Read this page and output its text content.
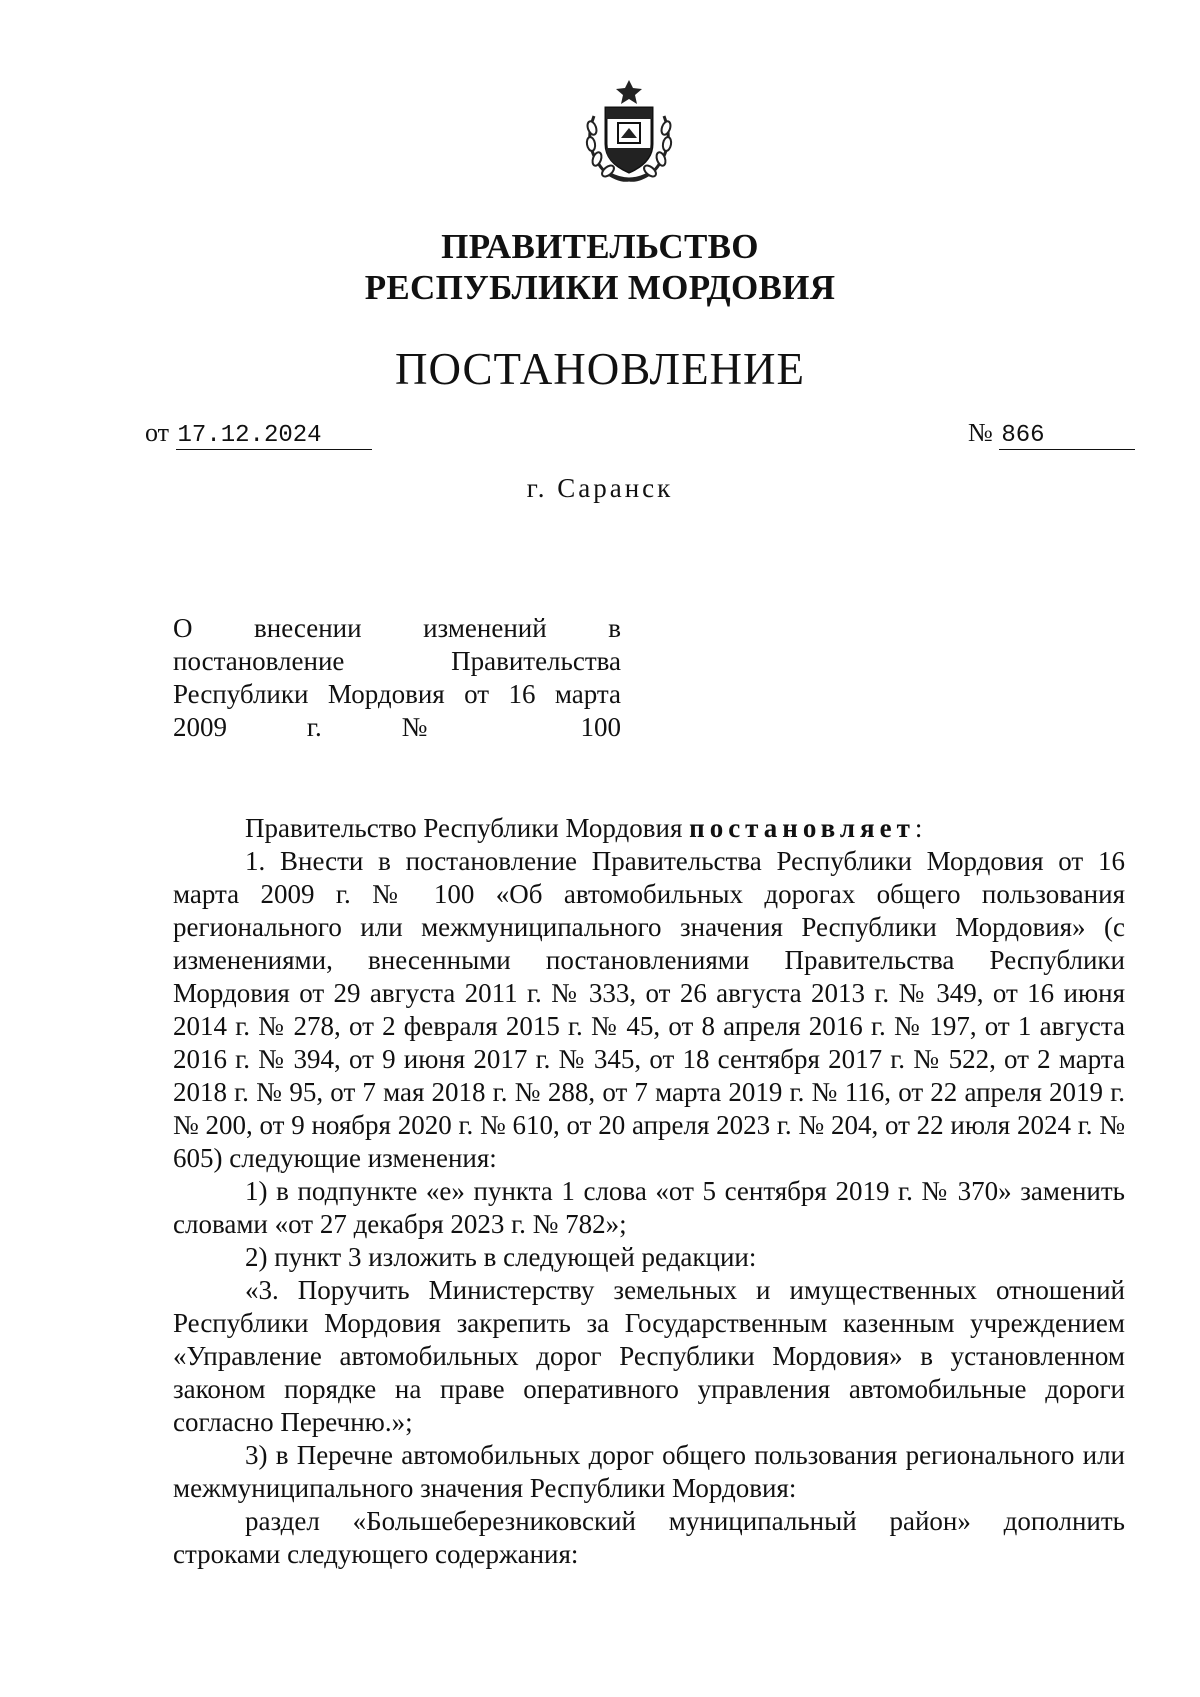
ПРАВИТЕЛЬСТВО
РЕСПУБЛИКИ МОРДОВИЯ
ПОСТАНОВЛЕНИЕ
от 17.12.2024	№ 866
г. Саранск
О внесении изменений в постановление Правительства Республики Мордовия от 16 марта 2009 г. № 100

Правительство Республики Мордовия постановляет:

1. Внести в постановление Правительства Республики Мордовия от 16 марта 2009 г. № 100 «Об автомобильных дорогах общего пользования регионального или межмуниципального значения Республики Мордовия» (с изменениями, внесенными постановлениями Правительства Республики Мордовия от 29 августа 2011 г. № 333, от 26 августа 2013 г. № 349, от 16 июня 2014 г. № 278, от 2 февраля 2015 г. № 45, от 8 апреля 2016 г. № 197, от 1 августа 2016 г. № 394, от 9 июня 2017 г. № 345, от 18 сентября 2017 г. № 522, от 2 марта 2018 г. № 95, от 7 мая 2018 г. № 288, от 7 марта 2019 г. № 116, от 22 апреля 2019 г. № 200, от 9 ноября 2020 г. № 610, от 20 апреля 2023 г. № 204, от 22 июля 2024 г. № 605) следующие изменения:

1) в подпункте «е» пункта 1 слова «от 5 сентября 2019 г. № 370» заменить словами «от 27 декабря 2023 г. № 782»;

2) пункт 3 изложить в следующей редакции:

«3. Поручить Министерству земельных и имущественных отношений Республики Мордовия закрепить за Государственным казенным учреждением «Управление автомобильных дорог Республики Мордовия» в установленном законом порядке на праве оперативного управления автомобильные дороги согласно Перечню.»;

3) в Перечне автомобильных дорог общего пользования регионального или межмуниципального значения Республики Мордовия:

раздел «Большеберезниковский муниципальный район» дополнить строками следующего содержания:
